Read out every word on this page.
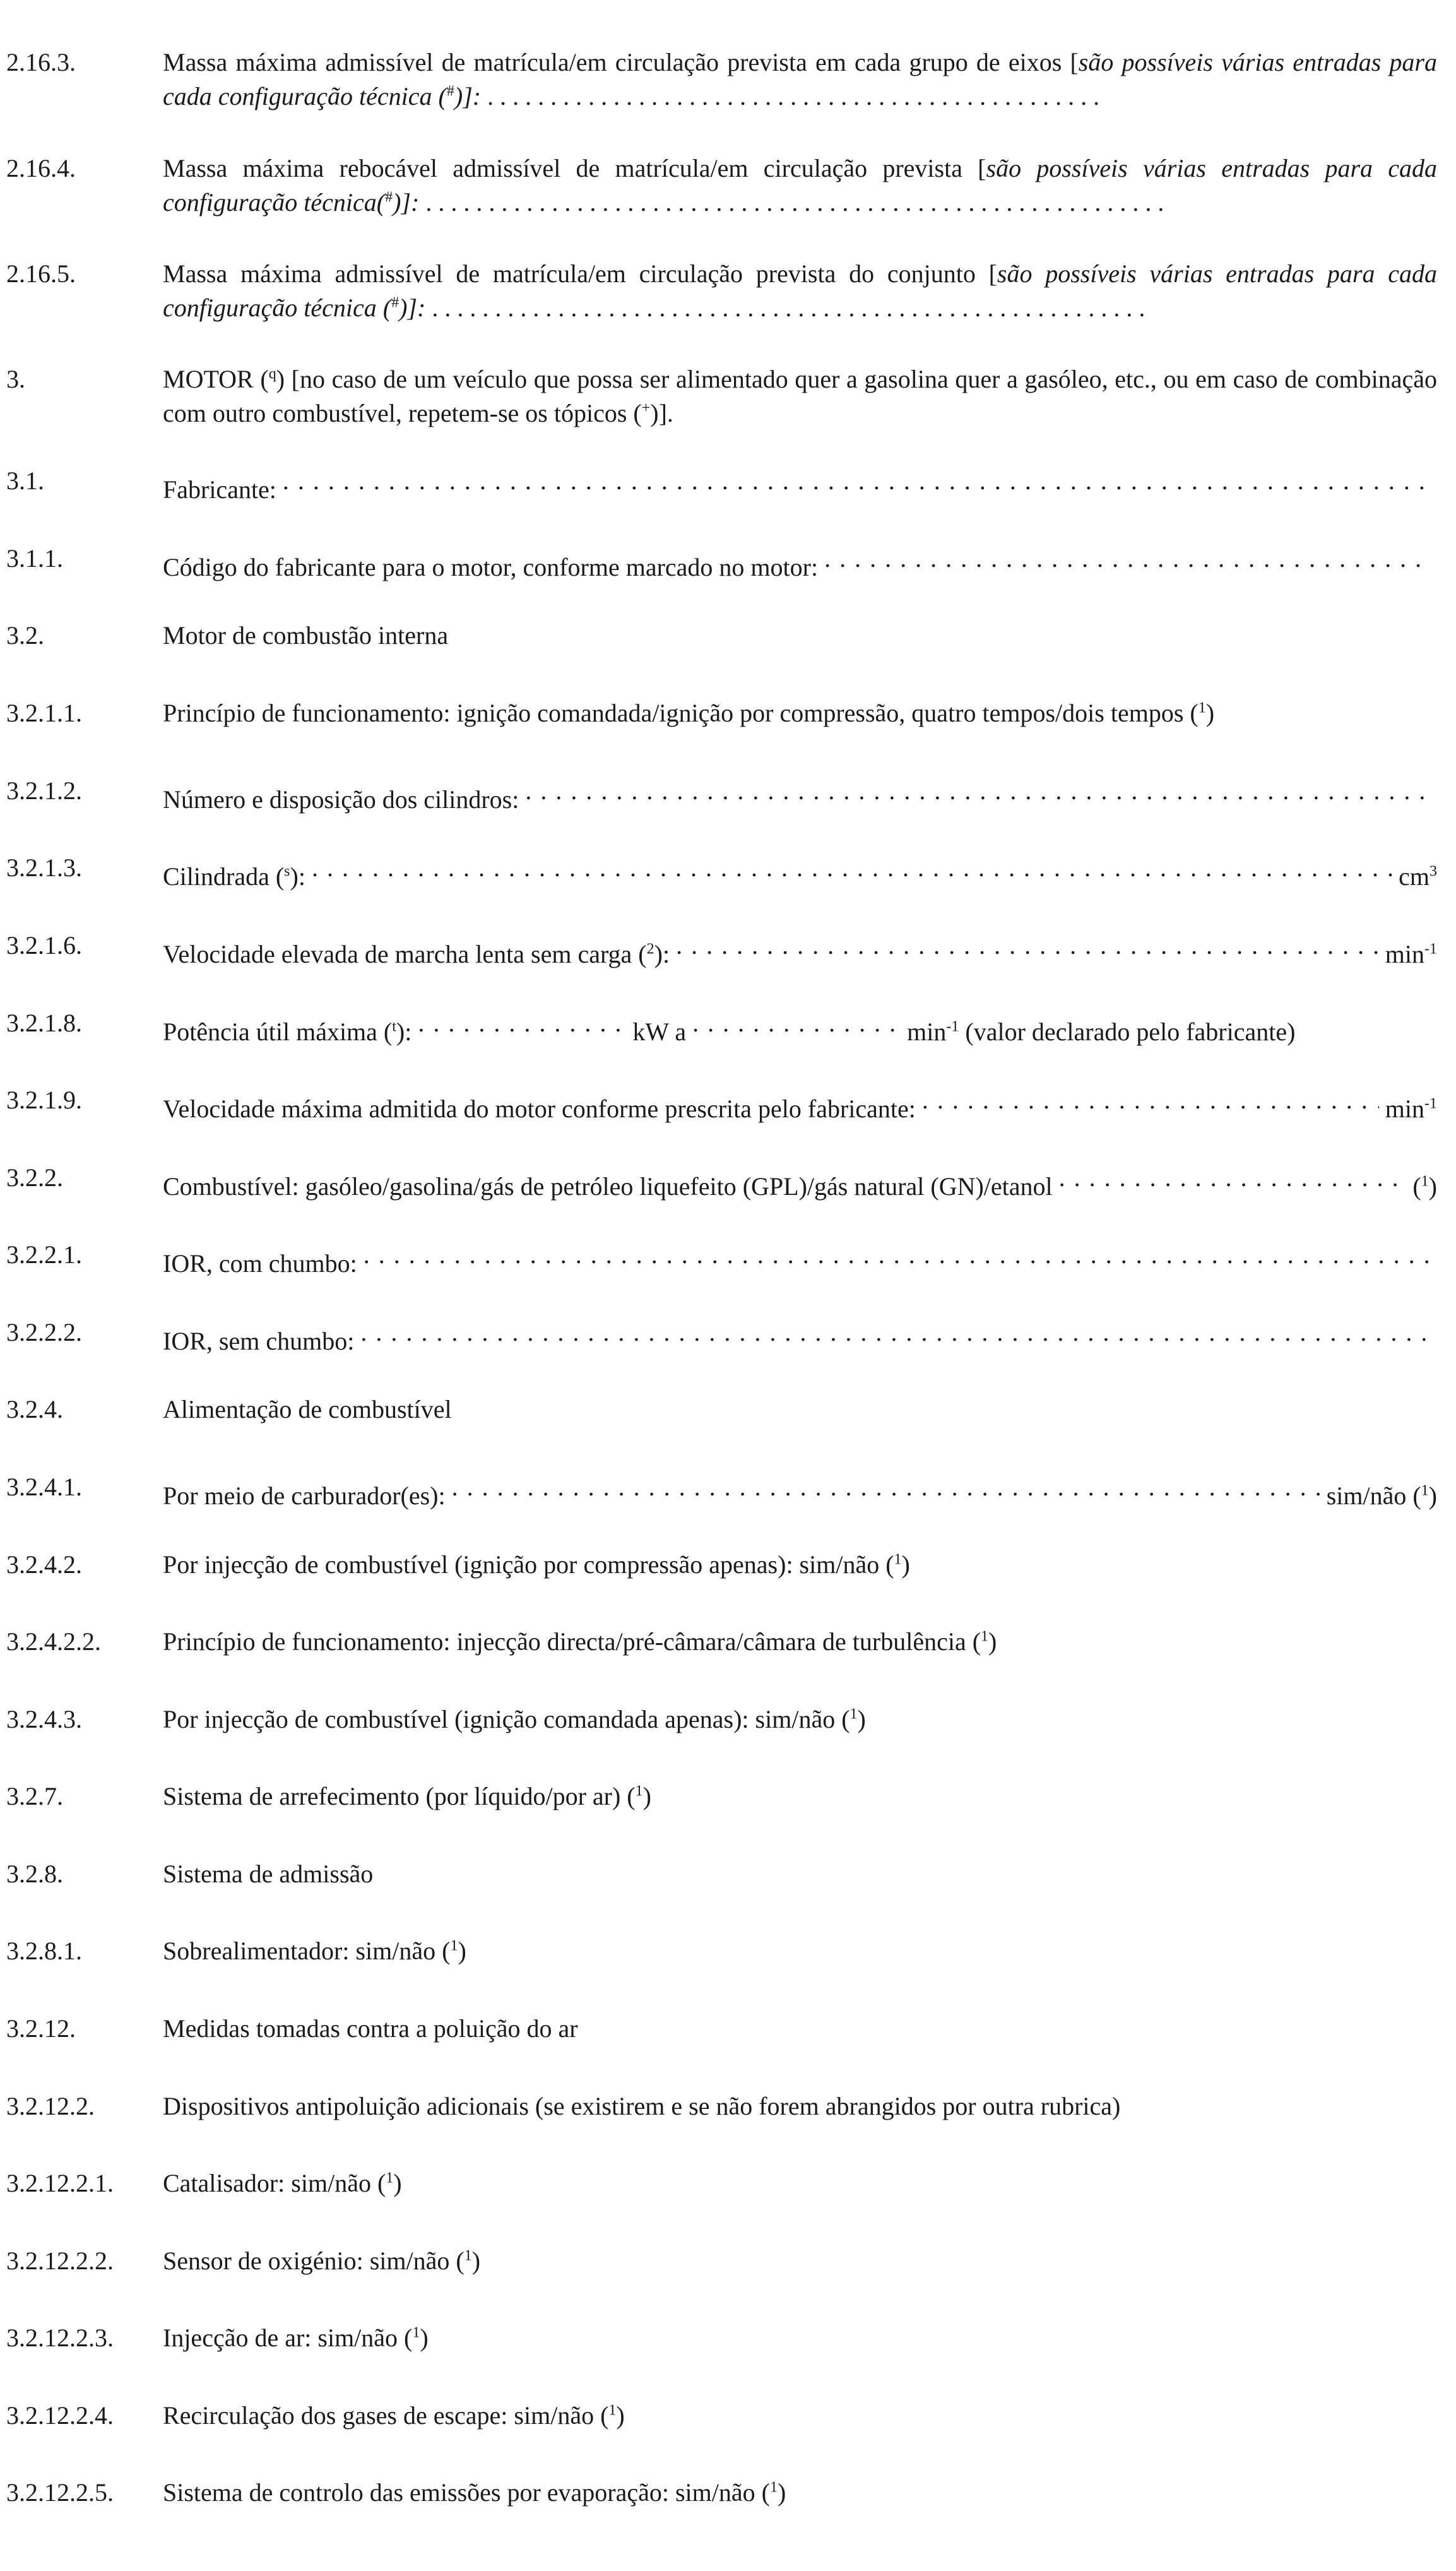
2.16.3.	Massa máxima admissível de matrícula/em circulação prevista em cada grupo de eixos [são possíveis várias entradas para cada configuração técnica (#)]: . . . . . . . . . . . . . . . . . . . . . . . . . . . . . . . . . . . . . . . . . . . . . . . . .
2.16.4.	Massa máxima rebocável admissível de matrícula/em circulação prevista [são possíveis várias entradas para cada configuração técnica(#)]: . . . . . . . . . . . . . . . . . . . . . . . . . . . . . . . . . . . . . . . . . . . . . . . . . . . . . . . . . . .
2.16.5.	Massa máxima admissível de matrícula/em circulação prevista do conjunto [são possíveis várias entradas para cada configuração técnica (#)]: . . . . . . . . . . . . . . . . . . . . . . . . . . . . . . . . . . . . . . . . . . . . . . . . . . . . . . . . .
3.	MOTOR ($^q$) [no caso de um veículo que possa ser alimentado quer a gasolina quer a gasóleo, etc., ou em caso de combinação com outro combustível, repetem-se os tópicos (+)].
3.1.	Fabricante:
. . .
3.1.1.	Código do fabricante para o motor, conforme marcado no motor:
. . .
3.2.	Motor de combustão interna
3.2.1.1.	Princípio de funcionamento: ignição comandada/ignição por compressão, quatro tempos/dois tempos ($^1$)
3.2.1.2.	Número e disposição dos cilindros:
. . .
3.2.1.3.	Cilindrada ($^s$): . . .	$cm^3$
3.2.1.6.	Velocidade elevada de marcha lenta sem carga ($^2$): . . .	$\min^{-1}$
3.2.1.8.	Potência útil máxima ($^t$): . . .	kW a . . .	$\min^{-1}$ (valor declarado pelo fabricante)
3.2.1.9.	Velocidade máxima admitida do motor conforme prescrita pelo fabricante: . . .	$\min^{-1}$
3.2.2.	Combustível: gasóleo/gasolina/gás de petróleo liquefeito (GPL)/gás natural (GN)/etanol . . .	($^1$)
3.2.2.1.	IOR, com chumbo:
. . .
3.2.2.2.	IOR, sem chumbo:
. . .
3.2.4.	Alimentação de combustível
3.2.4.1.	Por meio de carburador(es): . . .	sim/não ($^1$)
3.2.4.2.	Por injecção de combustível (ignição por compressão apenas): sim/não ($^1$)
3.2.4.2.2. Princípio de funcionamento: injecção directa/pré-câmara/câmara de turbulência ($^1$)
3.2.4.3.	Por injecção de combustível (ignição comandada apenas): sim/não ($^1$)
3.2.7.	Sistema de arrefecimento (por líquido/por ar) ($^1$)
3.2.8.	Sistema de admissão
3.2.8.1.	Sobrealimentador: sim/não ($^1$)
3.2.12.	Medidas tomadas contra a poluição do ar
3.2.12.2.	Dispositivos antipoluição adicionais (se existirem e se não forem abrangidos por outra rubrica)
3.2.12.2.1. Catalisador: sim/não ($^1$)
3.2.12.2.2. Sensor de oxigénio: sim/não ($^1$)
3.2.12.2.3. Injecção de ar: sim/não ($^1$)
3.2.12.2.4. Recirculação dos gases de escape: sim/não ($^1$)
3.2.12.2.5. Sistema de controlo das emissões por evaporação: sim/não ($^1$)
